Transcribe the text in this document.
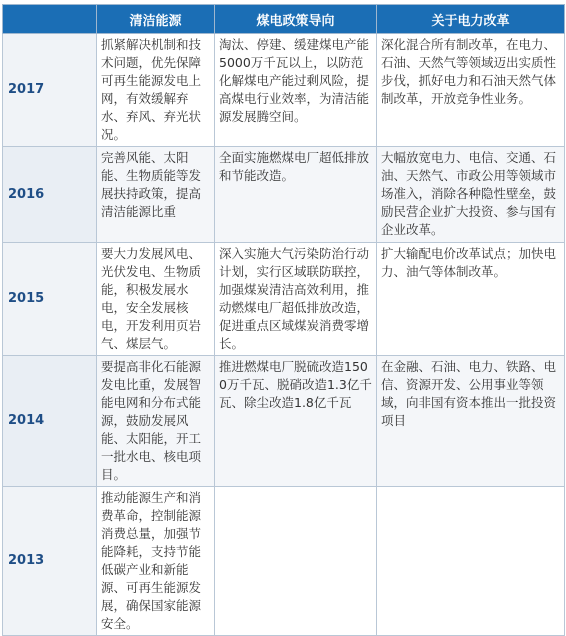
	清洁能源	煤电政策导向	关于电力改革
2017	抓紧解决机制和技术问题，优先保障可再生能源发电上网，有效缓解弃水、弃风、弃光状况。	淘汰、停建、缓建煤电产能5000万千瓦以上，以防范化解煤电产能过剩风险，提高煤电行业效率，为清洁能源发展腾空间。	深化混合所有制改革，在电力、石油、天然气等领域迈出实质性步伐，抓好电力和石油天然气体制改革，开放竞争性业务。
2016	完善风能、太阳能、生物质能等发展扶持政策，提高清洁能源比重	全面实施燃煤电厂超低排放和节能改造。	大幅放宽电力、电信、交通、石油、天然气、市政公用等领域市场准入，消除各种隐性壁垒，鼓励民营企业扩大投资、参与国有企业改革。
2015	要大力发展风电、光伏发电、生物质能，积极发展水电，安全发展核电，开发利用页岩气、煤层气。	深入实施大气污染防治行动计划，实行区域联防联控，加强煤炭清洁高效利用，推动燃煤电厂超低排放改造，促进重点区域煤炭消费零增长。	扩大输配电价改革试点；加快电力、油气等体制改革。
2014	要提高非化石能源发电比重，发展智能电网和分布式能源，鼓励发展风能、太阳能，开工一批水电、核电项目。	推进燃煤电厂脱硫改造1500万千瓦、脱硝改造1.3亿千瓦、除尘改造1.8亿千瓦	在金融、石油、电力、铁路、电信、资源开发、公用事业等领域，向非国有资本推出一批投资项目
2013	推动能源生产和消费革命，控制能源消费总量，加强节能降耗，支持节能低碳产业和新能源、可再生能源发展，确保国家能源安全。		
